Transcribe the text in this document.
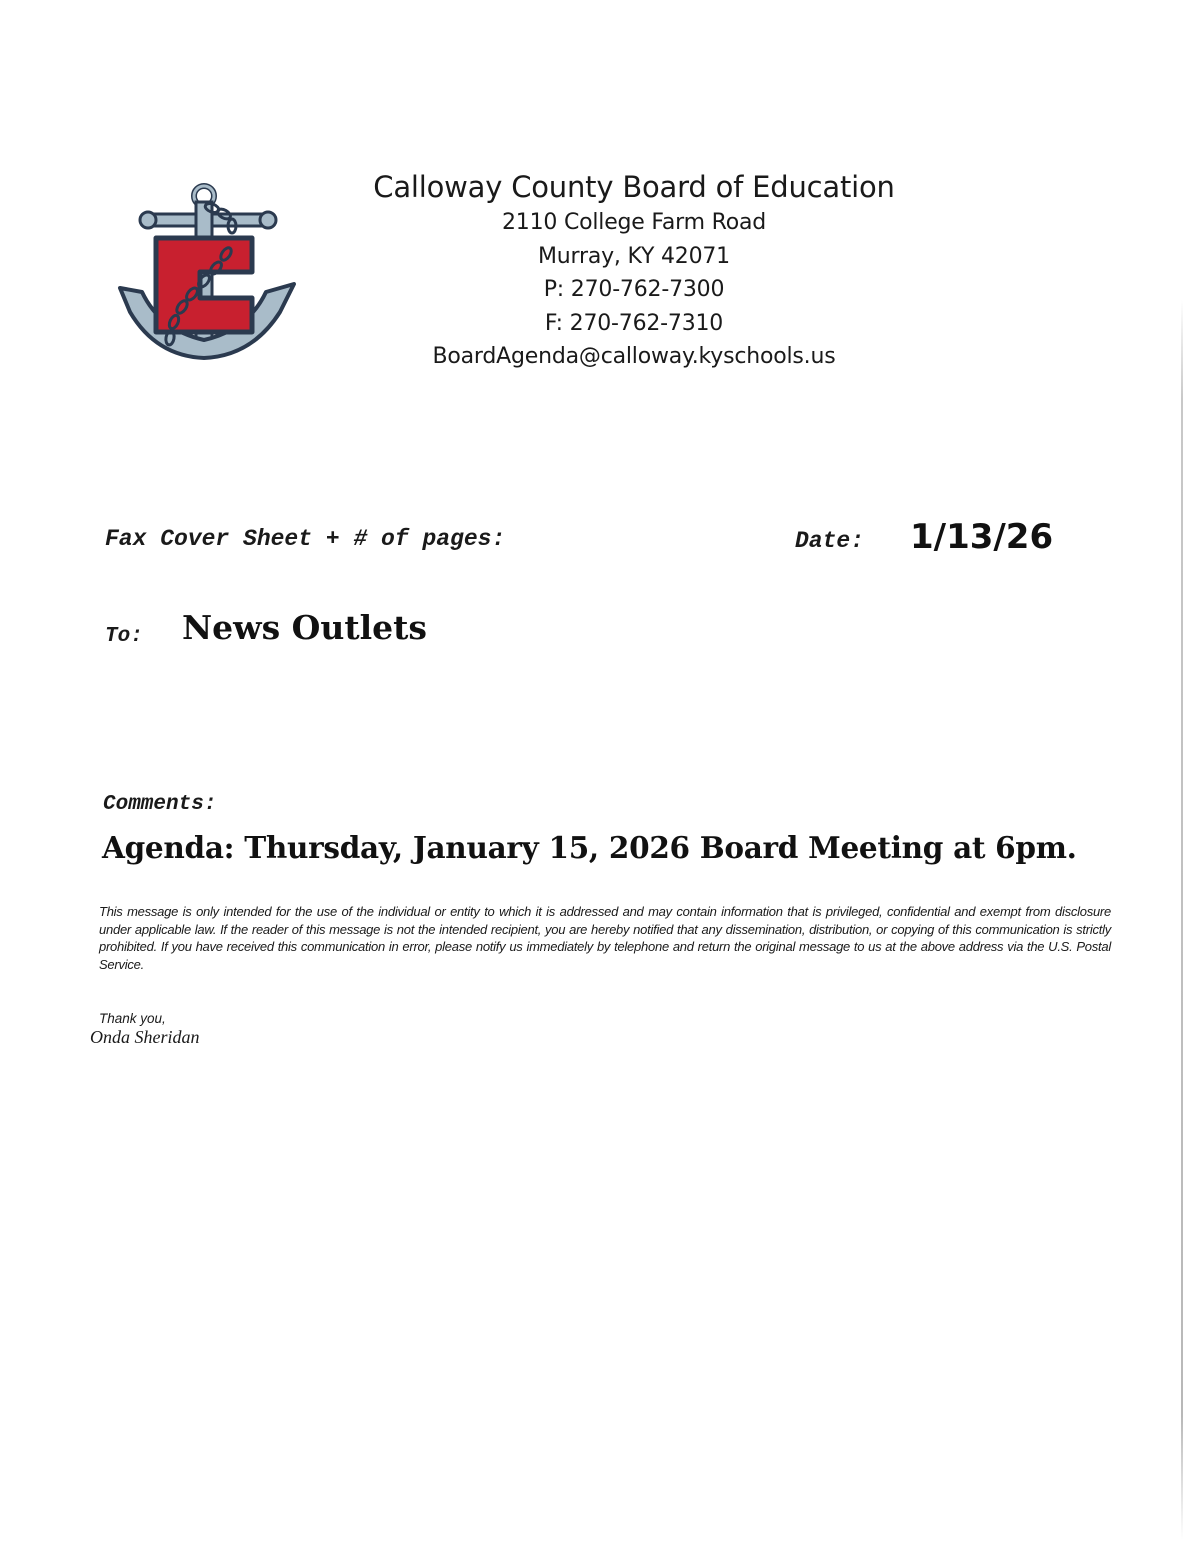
Calloway County Board of Education
2110 College Farm Road
Murray, KY 42071
P: 270-762-7300
F: 270-762-7310
BoardAgenda@calloway.kyschools.us
Fax Cover Sheet + # of pages:	Date: 1/13/26
To: News Outlets
Comments:
Agenda: Thursday, January 15, 2026 Board Meeting at 6pm.
This message is only intended for the use of the individual or entity to which it is addressed and may contain information that is privileged, confidential and exempt from disclosure under applicable law. If the reader of this message is not the intended recipient, you are hereby notified that any dissemination, distribution, or copying of this communication is strictly prohibited. If you have received this communication in error, please notify us immediately by telephone and return the original message to us at the above address via the U.S. Postal Service.
Thank you,
Onda Sheridan
